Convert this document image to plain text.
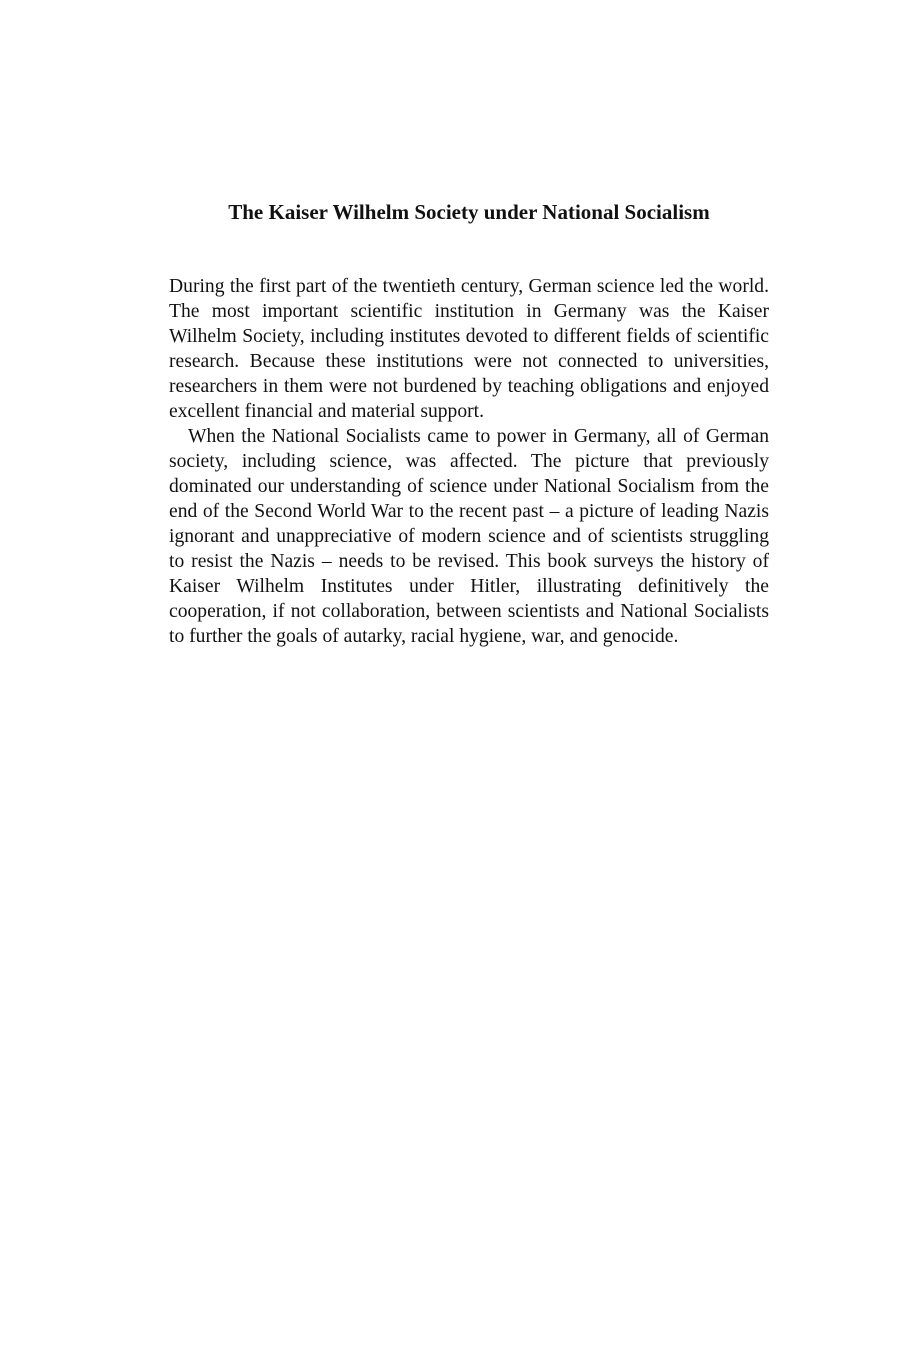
The Kaiser Wilhelm Society under National Socialism

During the first part of the twentieth century, German science led the world. The most important scientific institution in Germany was the Kaiser Wilhelm Society, including institutes devoted to different fields of scientific research. Because these institutions were not connected to universities, researchers in them were not burdened by teaching obligations and enjoyed excellent financial and material support.

When the National Socialists came to power in Germany, all of German society, including science, was affected. The picture that previously dominated our understanding of science under National Socialism from the end of the Second World War to the recent past – a picture of leading Nazis ignorant and unappreciative of modern science and of scientists struggling to resist the Nazis – needs to be revised. This book surveys the history of Kaiser Wilhelm Institutes under Hitler, illustrating definitively the cooperation, if not collaboration, between scientists and National Socialists to further the goals of autarky, racial hygiene, war, and genocide.
